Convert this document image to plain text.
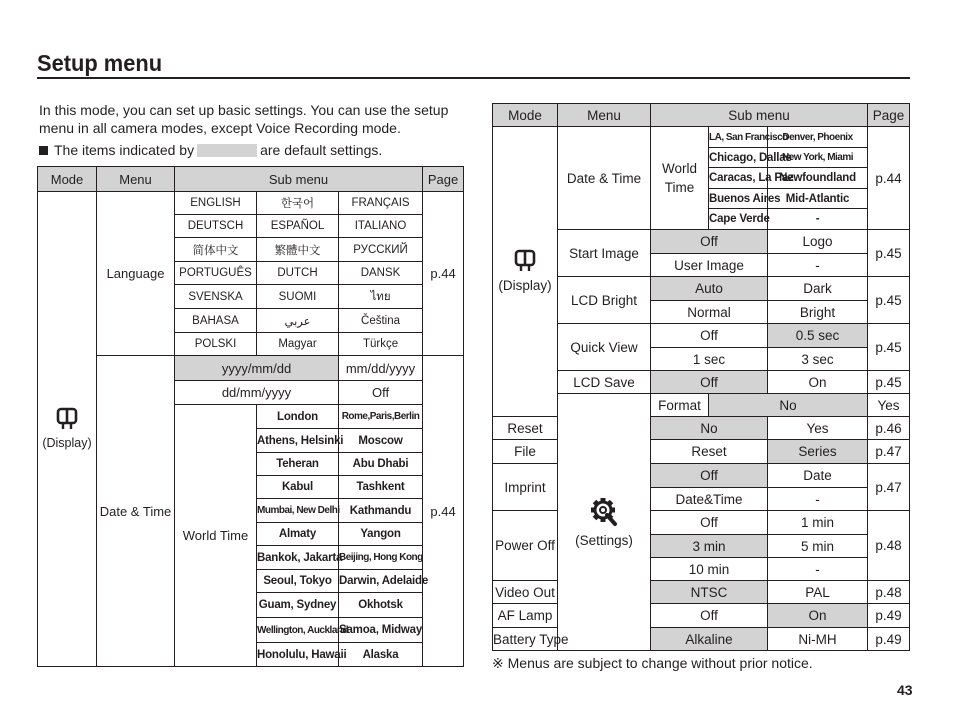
Setup menu
In this mode, you can set up basic settings. You can use the setup menu in all camera modes, except Voice Recording mode.
The items indicated by	are default settings.
Mode	Menu	Sub menu			Page

(Display)	Language	ENGLISH	한국어	FRANÇAIS	p.44
		DEUTSCH	ESPAÑOL	ITALIANO	
		简体中文	繁體中文	РУССКИЙ	
		PORTUGUÊS	DUTCH	DANSK	
		SVENSKA	SUOMI	ไทย	
		BAHASA	عربي	Čeština	
		POLSKI	Magyar	Türkçe	
	Date & Time	yyyy/mm/dd		mm/dd/yyyy	p.44
		dd/mm/yyyy		Off	
		World Time	London	Rome,Paris,Berlin	
			Athens, Helsinki	Moscow	
			Teheran	Abu Dhabi	
			Kabul	Tashkent	
			Mumbai, New Delhi	Kathmandu	
			Almaty	Yangon	
			Bankok, Jakarta	Beijing, Hong Kong	
			Seoul, Tokyo	Darwin, Adelaide	
			Guam, Sydney	Okhotsk	
			Wellington, Auckland	Samoa, Midway	
			Honolulu, Hawaii	Alaska	
Mode	Menu	Sub menu			Page	

(Display)	Date & Time	World Time	LA, San Francisco	Denver, Phoenix	p.44	
			Chicago, Dallas	New York, Miami		
			Caracas, La Paz	Newfoundland		
			Buenos Aires	Mid-Atlantic		
			Cape Verde	-		
	Start Image	Off		Logo	p.45	
		User Image		-		
	LCD Bright	Auto		Dark	p.45	
		Normal		Bright		
	Quick View	Off		0.5 sec	p.45	
		1 sec		3 sec		
	LCD Save	Off		On	p.45	

(Settings)	Format	No		Yes	
Reset		No		Yes	p.46	
File		Reset		Series	p.47	
Imprint		Off		Date	p.47	
		Date&Time		-		
Power Off		Off		1 min	p.48	
		3 min		5 min		
		10 min		-		
Video Out		NTSC		PAL	p.48	
AF Lamp		Off		On	p.49	
Battery Type		Alkaline		Ni-MH	p.49	
※ Menus are subject to change without prior notice.
43
